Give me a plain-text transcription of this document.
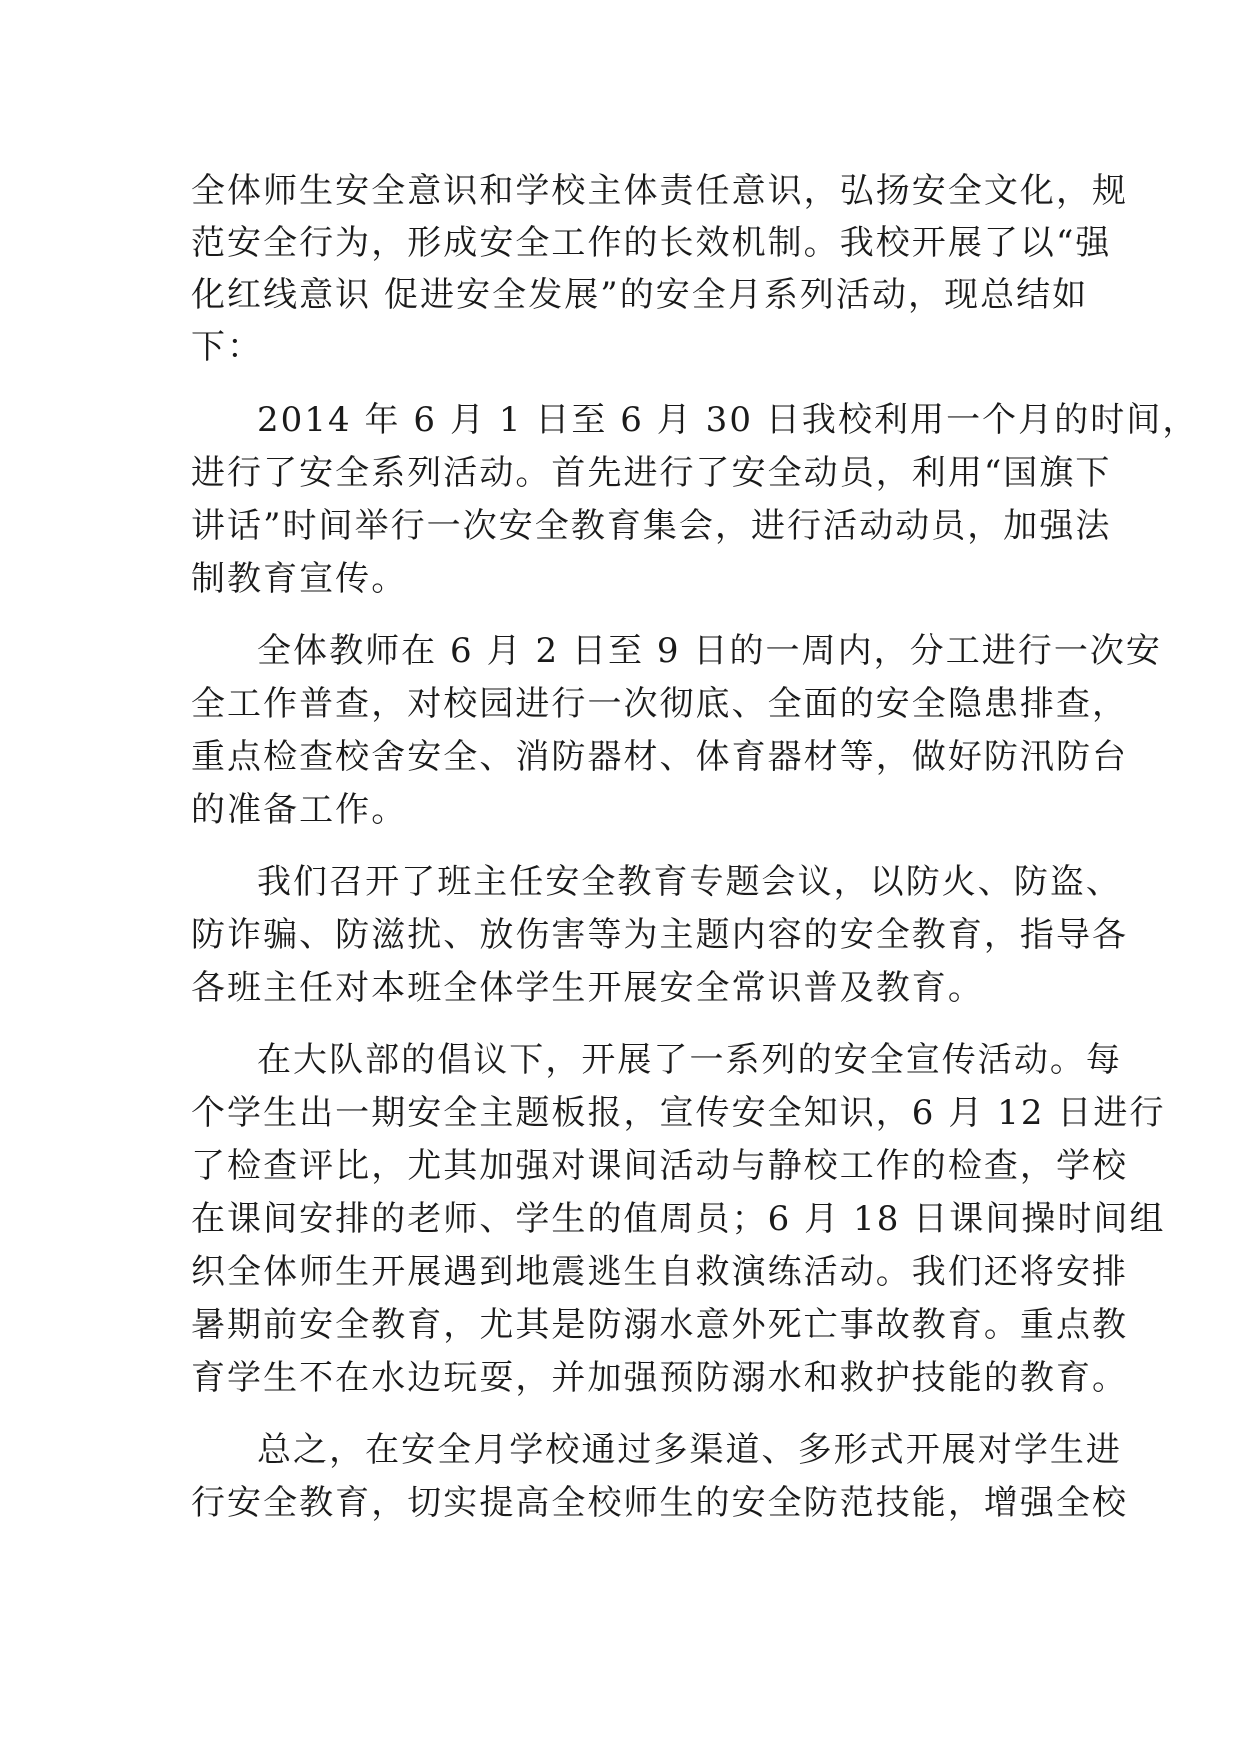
全体师生安全意识和学校主体责任意识，弘扬安全文化，规

范安全行为，形成安全工作的长效机制。我校开展了以“强

化红线意识 促进安全发展”的安全月系列活动，现总结如

下：

2014 年 6 月 1 日至 6 月 30 日我校利用一个月的时间，

进行了安全系列活动。首先进行了安全动员，利用“国旗下

讲话”时间举行一次安全教育集会，进行活动动员，加强法

制教育宣传。

全体教师在 6 月 2 日至 9 日的一周内，分工进行一次安

全工作普查，对校园进行一次彻底、全面的安全隐患排查，

重点检查校舍安全、消防器材、体育器材等，做好防汛防台

的准备工作。

我们召开了班主任安全教育专题会议，以防火、防盗、

防诈骗、防滋扰、放伤害等为主题内容的安全教育，指导各

各班主任对本班全体学生开展安全常识普及教育。

在大队部的倡议下，开展了一系列的安全宣传活动。每

个学生出一期安全主题板报，宣传安全知识，6 月 12 日进行

了检查评比，尤其加强对课间活动与静校工作的检查，学校

在课间安排的老师、学生的值周员；6 月 18 日课间操时间组

织全体师生开展遇到地震逃生自救演练活动。我们还将安排

暑期前安全教育，尤其是防溺水意外死亡事故教育。重点教

育学生不在水边玩耍，并加强预防溺水和救护技能的教育。

总之，在安全月学校通过多渠道、多形式开展对学生进

行安全教育，切实提高全校师生的安全防范技能，增强全校
